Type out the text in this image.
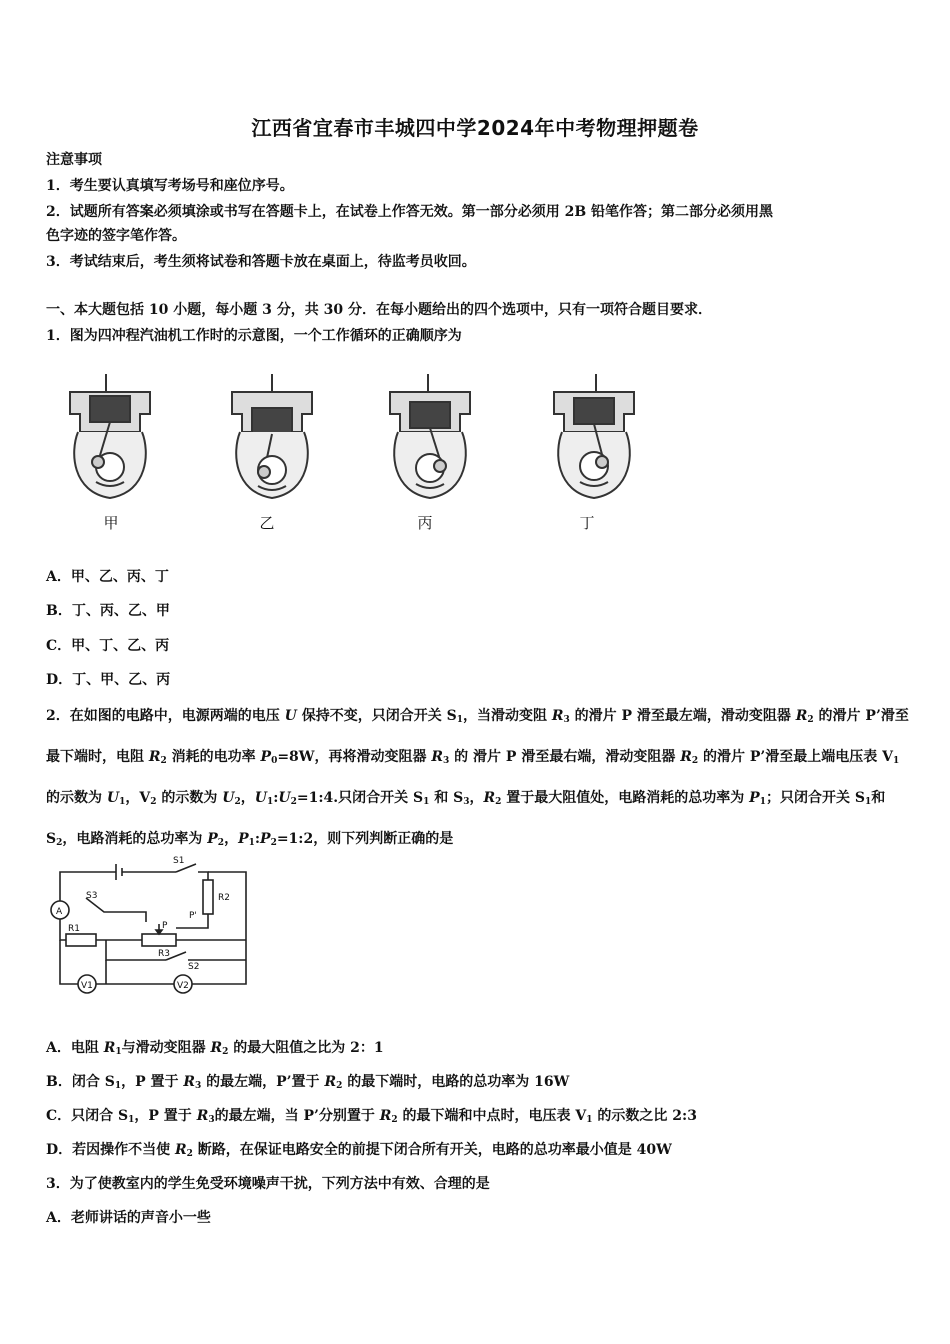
江西省宜春市丰城四中学2024年中考物理押题卷
注意事项
1．考生要认真填写考场号和座位序号。
2．试题所有答案必须填涂或书写在答题卡上，在试卷上作答无效。第一部分必须用 2B 铅笔作答；第二部分必须用黑
色字迹的签字笔作答。
3．考试结束后，考生须将试卷和答题卡放在桌面上，待监考员收回。
一、本大题包括 10 小题，每小题 3 分，共 30 分．在每小题给出的四个选项中，只有一项符合题目要求．
1．图为四冲程汽油机工作时的示意图，一个工作循环的正确顺序为
甲	乙	丙	丁
A．甲、乙、丙、丁
B．丁、丙、乙、甲
C．甲、丁、乙、丙
D．丁、甲、乙、丙
2．在如图的电路中，电源两端的电压 U 保持不变，只闭合开关 $S_1$，当滑动变阻 $R_3$ 的滑片 P 滑至最左端，滑动变阻器 $R_2$ 的滑片 P’滑至最下端时，电阻 $R_2$ 消耗的电功率 $P_0=8W$，再将滑动变阻器 $R_3$ 的 滑片 P 滑至最右端，滑动变阻器 $R_2$ 的滑片 P’滑至最上端电压表 $V_1$ 的示数为 $U_1$，$V_2$ 的示数为 $U_2$，$U_1:U_2=1:4$.只闭合开关 $S_1$ 和 $S_3$，$R_2$ 置于最大阻值处，电路消耗的总功率为 $P_1$；只闭合开关 $S_1$和 $S_2$，电路消耗的总功率为 $P_2$，$P_1:P_2=1:2$，则下列判断正确的是
S1
S3	R2
R1
R3
S2
P
P'
A
V1	V2
A．电阻 $R_1$与滑动变阻器 $R_2$ 的最大阻值之比为 2：1
B．闭合 $S_1$，P 置于 $R_3$ 的最左端，P’置于 $R_2$ 的最下端时，电路的总功率为 16W
C．只闭合 $S_1$，P 置于 $R_3$的最左端，当 P’分别置于 $R_2$ 的最下端和中点时，电压表 $V_1$ 的示数之比 2:3
D．若因操作不当使 $R_2$ 断路，在保证电路安全的前提下闭合所有开关，电路的总功率最小值是 40W
3．为了使教室内的学生免受环境噪声干扰，下列方法中有效、合理的是
A．老师讲话的声音小一些
